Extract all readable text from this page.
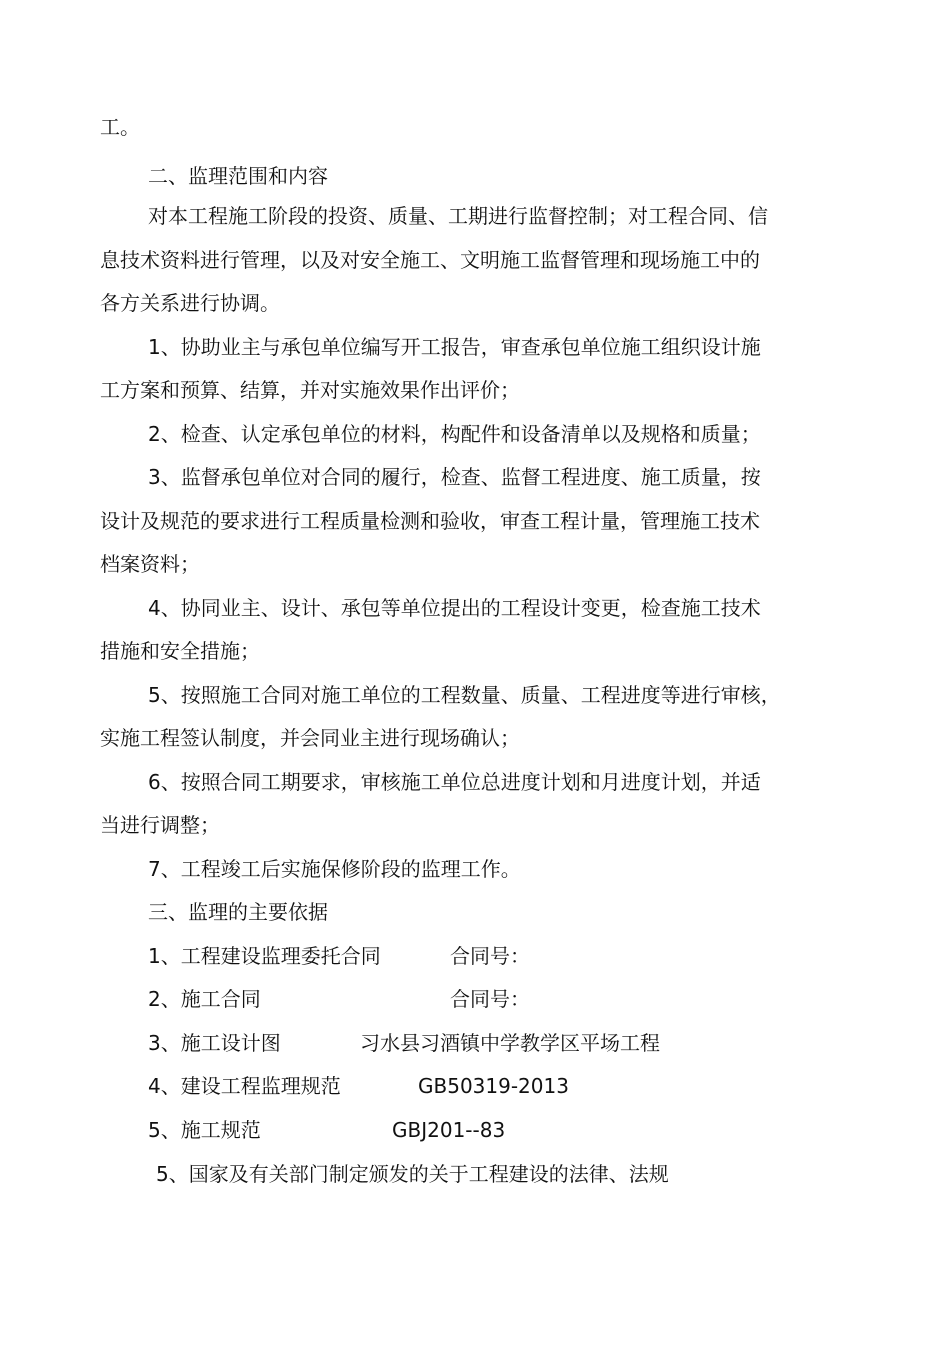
工。
二、监理范围和内容
对本工程施工阶段的投资、质量、工期进行监督控制；对工程合同、信
息技术资料进行管理，以及对安全施工、文明施工监督管理和现场施工中的
各方关系进行协调。
1、协助业主与承包单位编写开工报告，审查承包单位施工组织设计施
工方案和预算、结算，并对实施效果作出评价；
2、检查、认定承包单位的材料，构配件和设备清单以及规格和质量；
3、监督承包单位对合同的履行，检查、监督工程进度、施工质量，按
设计及规范的要求进行工程质量检测和验收，审查工程计量，管理施工技术
档案资料；
4、协同业主、设计、承包等单位提出的工程设计变更，检查施工技术
措施和安全措施；
5、按照施工合同对施工单位的工程数量、质量、工程进度等进行审核，
实施工程签认制度，并会同业主进行现场确认；
6、按照合同工期要求，审核施工单位总进度计划和月进度计划，并适
当进行调整；
7、工程竣工后实施保修阶段的监理工作。
三、监理的主要依据
1、工程建设监理委托合同	合同号：
2、施工合同	合同号：
3、施工设计图	习水县习酒镇中学教学区平场工程
4、建设工程监理规范	GB50319-2013
5、施工规范	GBJ201--83
5、国家及有关部门制定颁发的关于工程建设的法律、法规
